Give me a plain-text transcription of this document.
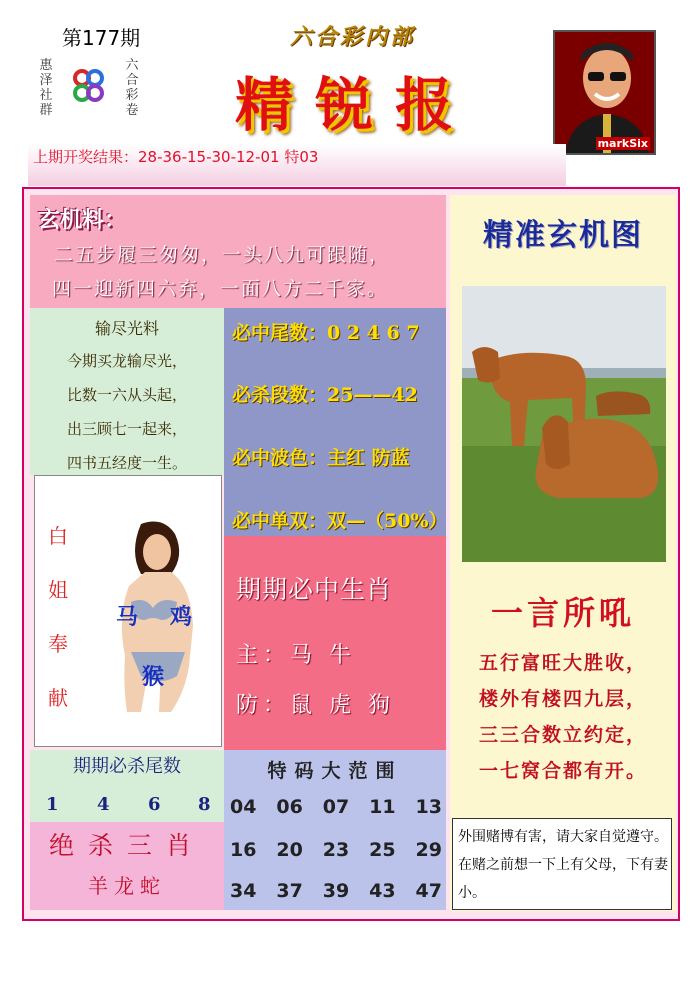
第177期
惠
泽
社
群
六
合
彩
卷
六合彩内部
精锐报
markSix
上期开奖结果：28-36-15-30-12-01 特03
玄机料：
二五步履三匆匆，一头八九可跟随，
四一迎新四六弃，一面八方二千家。
输尽光料
今期买龙输尽光，
比数一六从头起，
出三顾七一起来，
四书五经度一生。
必中尾数：0 2 4 6 7
必杀段数：25——42
必中波色：主红 防蓝
必中单双：双—（50%）
白
姐
奉
献
马 鸡
猴
期期必中生肖
主：马 牛
防：鼠 虎 狗
期期必杀尾数
1 4 6 8
绝杀三肖
羊龙蛇
特码大范围
04 06 07 11 13
16 20 23 25 29
34 37 39 43 47
精准玄机图
一言所吼
五行富旺大胜收，
楼外有楼四九层，
三三合数立约定，
一七窝合都有开。
外围赌博有害，请大家自觉遵守。在赌之前想一下上有父母，下有妻小。
